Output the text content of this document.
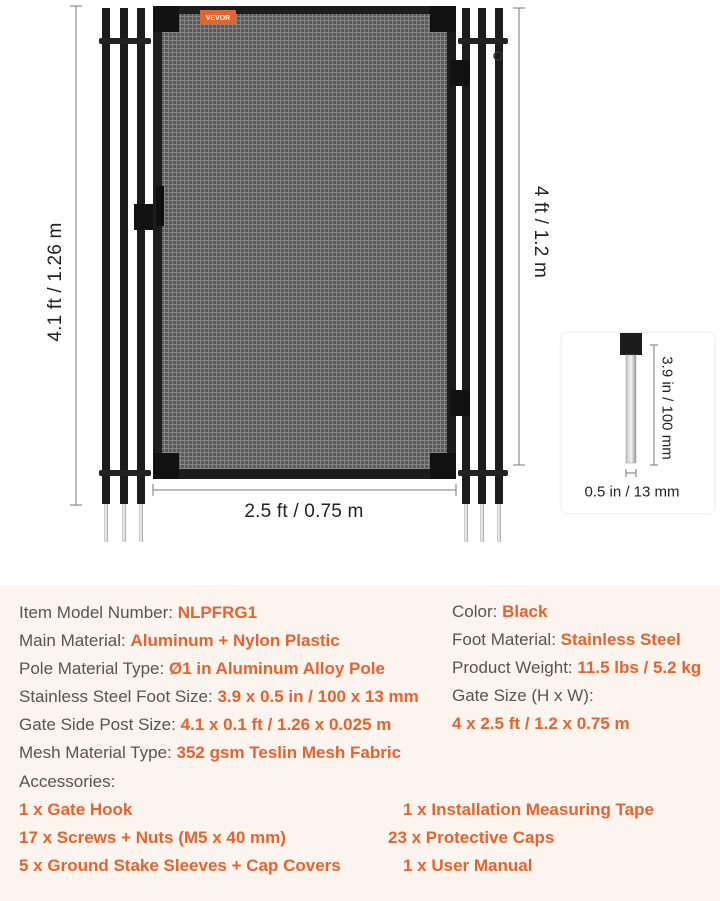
VEVOR
4.1 ft / 1.26 m	4 ft / 1.2 m
2.5 ft / 0.75 m
3.9 in / 100 mm
0.5 in / 13 mm
Item Model Number: NLPFRG1
Main Material: Aluminum + Nylon Plastic
Pole Material Type: Ø1 in Aluminum Alloy Pole
Stainless Steel Foot Size: 3.9 x 0.5 in / 100 x 13 mm
Gate Side Post Size: 4.1 x 0.1 ft / 1.26 x 0.025 m
Mesh Material Type: 352 gsm Teslin Mesh Fabric
Color: Black
Foot Material: Stainless Steel
Product Weight: 11.5 lbs / 5.2 kg
Gate Size (H x W):
4 x 2.5 ft / 1.2 x 0.75 m
Accessories:
1 x Gate Hook
17 x Screws + Nuts (M5 x 40 mm)
5 x Ground Stake Sleeves + Cap Covers
1 x Installation Measuring Tape
23 x Protective Caps
1 x User Manual
